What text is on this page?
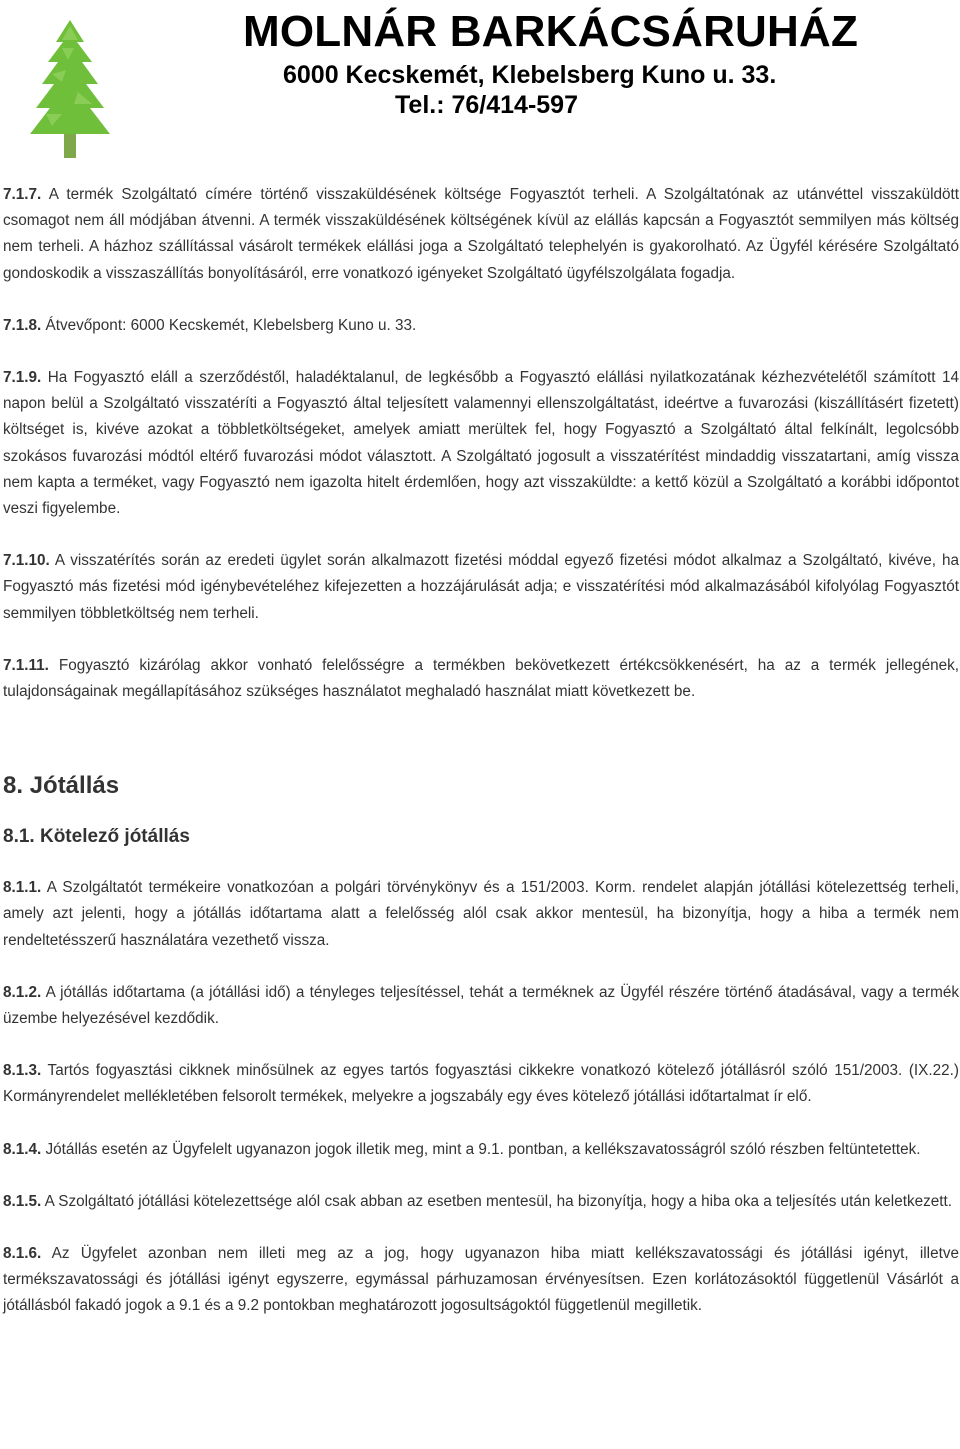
MOLNÁR BARKÁCSÁRUHÁZ
6000 Kecskemét, Klebelsberg Kuno u. 33.
Tel.: 76/414-597

7.1.7. A termék Szolgáltató címére történő visszaküldésének költsége Fogyasztót terheli. A Szolgáltatónak az utánvéttel visszaküldött csomagot nem áll módjában átvenni. A termék visszaküldésének költségének kívül az elállás kapcsán a Fogyasztót semmilyen más költség nem terheli. A házhoz szállítással vásárolt termékek elállási joga a Szolgáltató telephelyén is gyakorolható. Az Ügyfél kérésére Szolgáltató gondoskodik a visszaszállítás bonyolításáról, erre vonatkozó igényeket Szolgáltató ügyfélszolgálata fogadja.

7.1.8. Átvevőpont: 6000 Kecskemét, Klebelsberg Kuno u. 33.

7.1.9. Ha Fogyasztó eláll a szerződéstől, haladéktalanul, de legkésőbb a Fogyasztó elállási nyilatkozatának kézhezvételétől számított 14 napon belül a Szolgáltató visszatéríti a Fogyasztó által teljesített valamennyi ellenszolgáltatást, ideértve a fuvarozási (kiszállításért fizetett) költséget is, kivéve azokat a többletköltségeket, amelyek amiatt merültek fel, hogy Fogyasztó a Szolgáltató által felkínált, legolcsóbb szokásos fuvarozási módtól eltérő fuvarozási módot választott. A Szolgáltató jogosult a visszatérítést mindaddig visszatartani, amíg vissza nem kapta a terméket, vagy Fogyasztó nem igazolta hitelt érdemlően, hogy azt visszaküldte: a kettő közül a Szolgáltató a korábbi időpontot veszi figyelembe.

7.1.10. A visszatérítés során az eredeti ügylet során alkalmazott fizetési móddal egyező fizetési módot alkalmaz a Szolgáltató, kivéve, ha Fogyasztó más fizetési mód igénybevételéhez kifejezetten a hozzájárulását adja; e visszatérítési mód alkalmazásából kifolyólag Fogyasztót semmilyen többletköltség nem terheli.

7.1.11. Fogyasztó kizárólag akkor vonható felelősségre a termékben bekövetkezett értékcsökkenésért, ha az a termék jellegének, tulajdonságainak megállapításához szükséges használatot meghaladó használat miatt következett be.

8. Jótállás
8.1. Kötelező jótállás

8.1.1. A Szolgáltatót termékeire vonatkozóan a polgári törvénykönyv és a 151/2003. Korm. rendelet alapján jótállási kötelezettség terheli, amely azt jelenti, hogy a jótállás időtartama alatt a felelősség alól csak akkor mentesül, ha bizonyítja, hogy a hiba a termék nem rendeltetésszerű használatára vezethető vissza.

8.1.2. A jótállás időtartama (a jótállási idő) a tényleges teljesítéssel, tehát a terméknek az Ügyfél részére történő átadásával, vagy a termék üzembe helyezésével kezdődik.

8.1.3. Tartós fogyasztási cikknek minősülnek az egyes tartós fogyasztási cikkekre vonatkozó kötelező jótállásról szóló 151/2003. (IX.22.) Kormányrendelet mellékletében felsorolt termékek, melyekre a jogszabály egy éves kötelező jótállási időtartalmat ír elő.

8.1.4. Jótállás esetén az Ügyfelelt ugyanazon jogok illetik meg, mint a 9.1. pontban, a kellékszavatosságról szóló részben feltüntetettek.

8.1.5. A Szolgáltató jótállási kötelezettsége alól csak abban az esetben mentesül, ha bizonyítja, hogy a hiba oka a teljesítés után keletkezett.

8.1.6. Az Ügyfelet azonban nem illeti meg az a jog, hogy ugyanazon hiba miatt kellékszavatossági és jótállási igényt, illetve termékszavatossági és jótállási igényt egyszerre, egymással párhuzamosan érvényesítsen. Ezen korlátozásoktól függetlenül Vásárlót a jótállásból fakadó jogok a 9.1 és a 9.2 pontokban meghatározott jogosultságoktól függetlenül megilletik.
